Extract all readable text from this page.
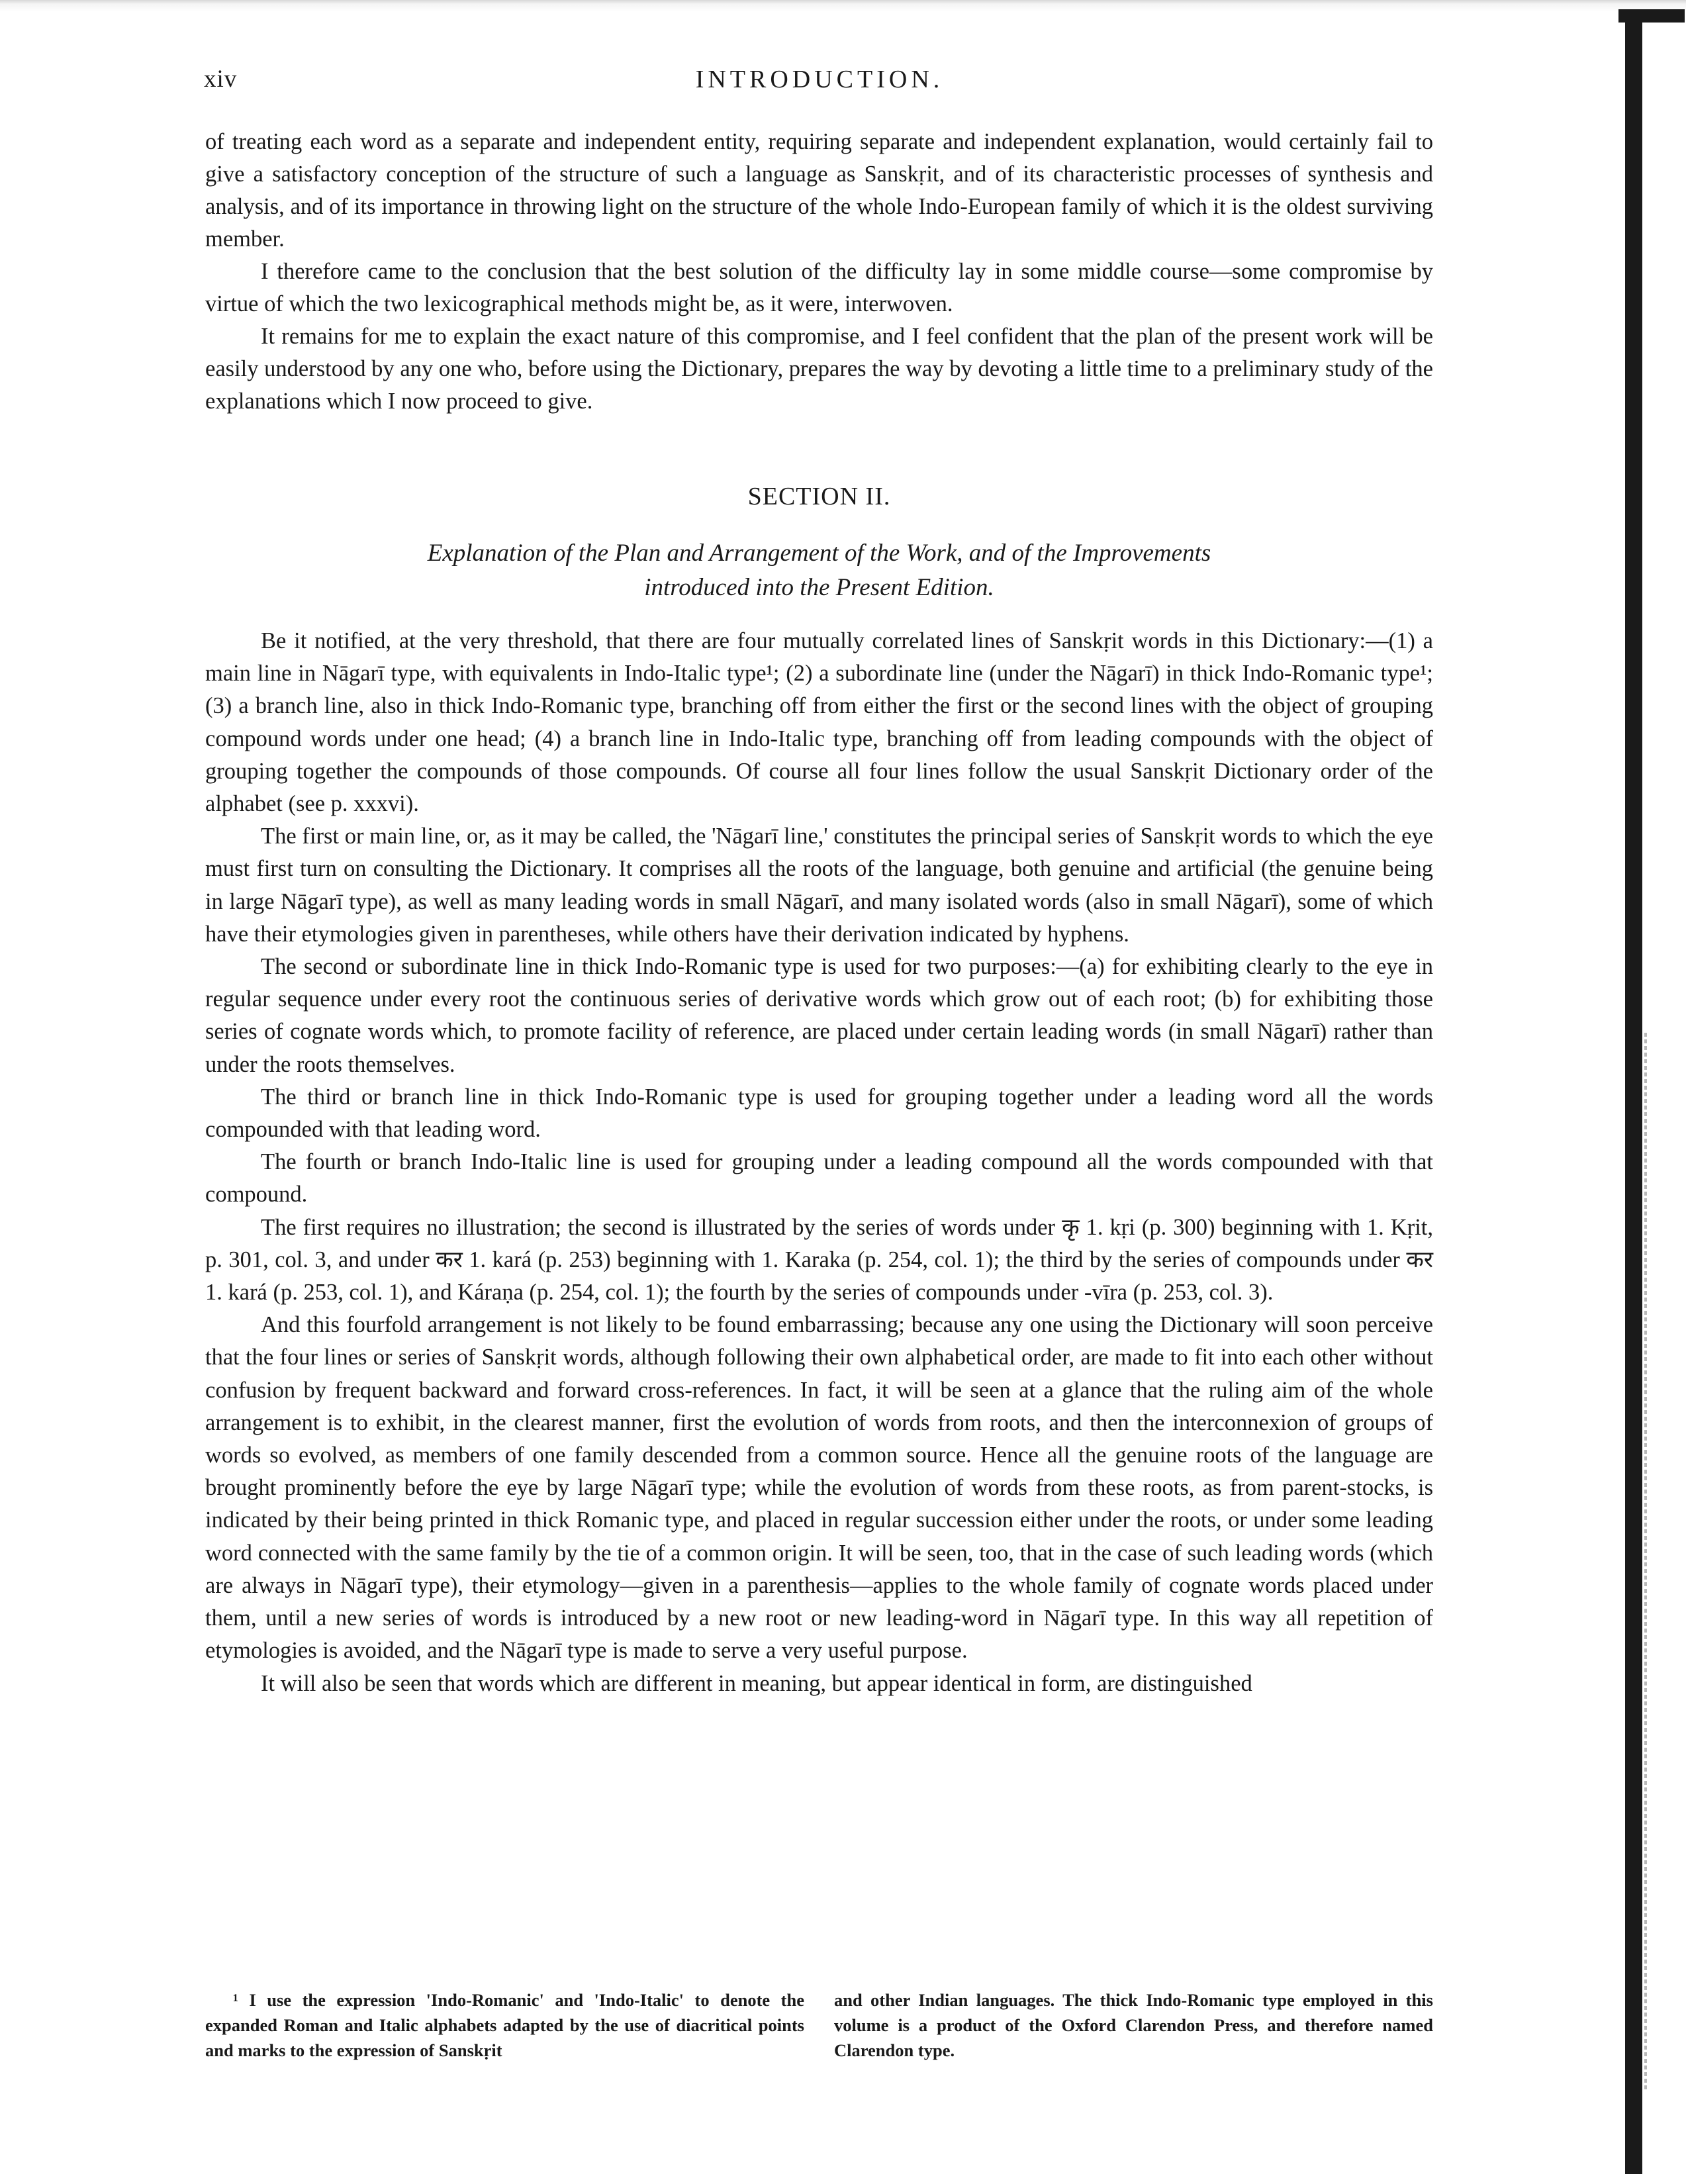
xiv	INTRODUCTION.

of treating each word as a separate and independent entity, requiring separate and independent explanation, would certainly fail to give a satisfactory conception of the structure of such a language as Sanskṛit, and of its characteristic processes of synthesis and analysis, and of its importance in throwing light on the structure of the whole Indo-European family of which it is the oldest surviving member.

I therefore came to the conclusion that the best solution of the difficulty lay in some middle course—some compromise by virtue of which the two lexicographical methods might be, as it were, interwoven.

It remains for me to explain the exact nature of this compromise, and I feel confident that the plan of the present work will be easily understood by any one who, before using the Dictionary, prepares the way by devoting a little time to a preliminary study of the explanations which I now proceed to give.

SECTION II.
Explanation of the Plan and Arrangement of the Work, and of the Improvements
introduced into the Present Edition.

Be it notified, at the very threshold, that there are four mutually correlated lines of Sanskṛit words in this Dictionary:—(1) a main line in Nāgarī type, with equivalents in Indo-Italic type¹; (2) a subordinate line (under the Nāgarī) in thick Indo-Romanic type¹; (3) a branch line, also in thick Indo-Romanic type, branching off from either the first or the second lines with the object of grouping compound words under one head; (4) a branch line in Indo-Italic type, branching off from leading compounds with the object of grouping together the compounds of those compounds. Of course all four lines follow the usual Sanskṛit Dictionary order of the alphabet (see p. xxxvi).

The first or main line, or, as it may be called, the 'Nāgarī line,' constitutes the principal series of Sanskṛit words to which the eye must first turn on consulting the Dictionary. It comprises all the roots of the language, both genuine and artificial (the genuine being in large Nāgarī type), as well as many leading words in small Nāgarī, and many isolated words (also in small Nāgarī), some of which have their etymologies given in parentheses, while others have their derivation indicated by hyphens.

The second or subordinate line in thick Indo-Romanic type is used for two purposes:—(a) for exhibiting clearly to the eye in regular sequence under every root the continuous series of derivative words which grow out of each root; (b) for exhibiting those series of cognate words which, to promote facility of reference, are placed under certain leading words (in small Nāgarī) rather than under the roots themselves.

The third or branch line in thick Indo-Romanic type is used for grouping together under a leading word all the words compounded with that leading word.

The fourth or branch Indo-Italic line is used for grouping under a leading compound all the words compounded with that compound.

The first requires no illustration; the second is illustrated by the series of words under कृ 1. kṛi (p. 300) beginning with 1. Kṛit, p. 301, col. 3, and under कर 1. kará (p. 253) beginning with 1. Karaka (p. 254, col. 1); the third by the series of compounds under कर 1. kará (p. 253, col. 1), and Káraṇa (p. 254, col. 1); the fourth by the series of compounds under -vīra (p. 253, col. 3).

And this fourfold arrangement is not likely to be found embarrassing; because any one using the Dictionary will soon perceive that the four lines or series of Sanskṛit words, although following their own alphabetical order, are made to fit into each other without confusion by frequent backward and forward cross-references. In fact, it will be seen at a glance that the ruling aim of the whole arrangement is to exhibit, in the clearest manner, first the evolution of words from roots, and then the interconnexion of groups of words so evolved, as members of one family descended from a common source. Hence all the genuine roots of the language are brought prominently before the eye by large Nāgarī type; while the evolution of words from these roots, as from parent-stocks, is indicated by their being printed in thick Romanic type, and placed in regular succession either under the roots, or under some leading word connected with the same family by the tie of a common origin. It will be seen, too, that in the case of such leading words (which are always in Nāgarī type), their etymology—given in a parenthesis—applies to the whole family of cognate words placed under them, until a new series of words is introduced by a new root or new leading-word in Nāgarī type. In this way all repetition of etymologies is avoided, and the Nāgarī type is made to serve a very useful purpose.

It will also be seen that words which are different in meaning, but appear identical in form, are distinguished

¹ I use the expression 'Indo-Romanic' and 'Indo-Italic' to denote the expanded Roman and Italic alphabets adapted by the use of diacritical points and marks to the expression of Sanskṛit
and other Indian languages. The thick Indo-Romanic type employed in this volume is a product of the Oxford Clarendon Press, and therefore named Clarendon type.
